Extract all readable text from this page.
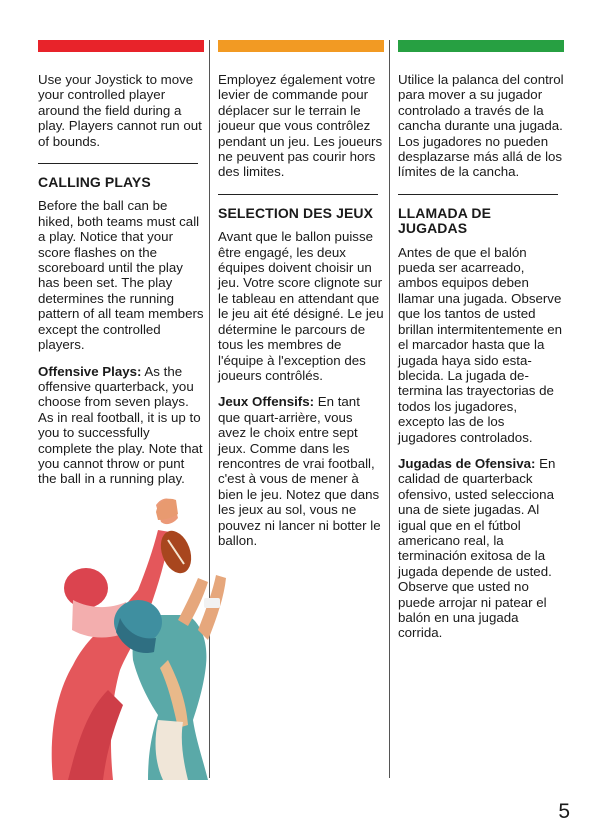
Use your Joystick to move your controlled player around the field during a play. Players cannot run out of bounds.

CALLING PLAYS

Before the ball can be hiked, both teams must call a play. Notice that your score flashes on the scoreboard until the play has been set. The play determines the running pattern of all team members except the controlled players.

Offensive Plays: As the offensive quarterback, you choose from seven plays. As in real football, it is up to you to successfully complete the play. Note that you cannot throw or punt the ball in a running play.

Employez également votre levier de commande pour déplacer sur le terrain le joueur que vous contrôlez pendant un jeu. Les joueurs ne peuvent pas courir hors des limites.

SELECTION DES JEUX

Avant que le ballon puisse être engagé, les deux équipes doivent choisir un jeu. Votre score clignote sur le tableau en attendant que le jeu ait été désigné. Le jeu détermine le parcours de tous les membres de l'équipe à l'exception des joueurs contrôlés.

Jeux Offensifs: En tant que quart-arrière, vous avez le choix entre sept jeux. Comme dans les rencontres de vrai football, c'est à vous de mener à bien le jeu. Notez que dans les jeux au sol, vous ne pouvez ni lancer ni botter le ballon.

Utilice la palanca del control para mover a su jugador controlado a través de la cancha durante una jugada. Los jugadores no pueden desplazarse más allá de los límites de la cancha.

LLAMADA DE JUGADAS

Antes de que el balón pueda ser acarreado, ambos equipos deben llamar una jugada. Observe que los tantos de usted brillan intermitentemente en el marcador hasta que la jugada haya sido establecida. La jugada determina las trayectorias de todos los jugadores, excepto las de los jugadores controlados.

Jugadas de Ofensiva: En calidad de quarterback ofensivo, usted selecciona una de siete jugadas. Al igual que en el fútbol americano real, la terminación exitosa de la jugada depende de usted. Observe que usted no puede arrojar ni patear el balón en una jugada corrida.

5
